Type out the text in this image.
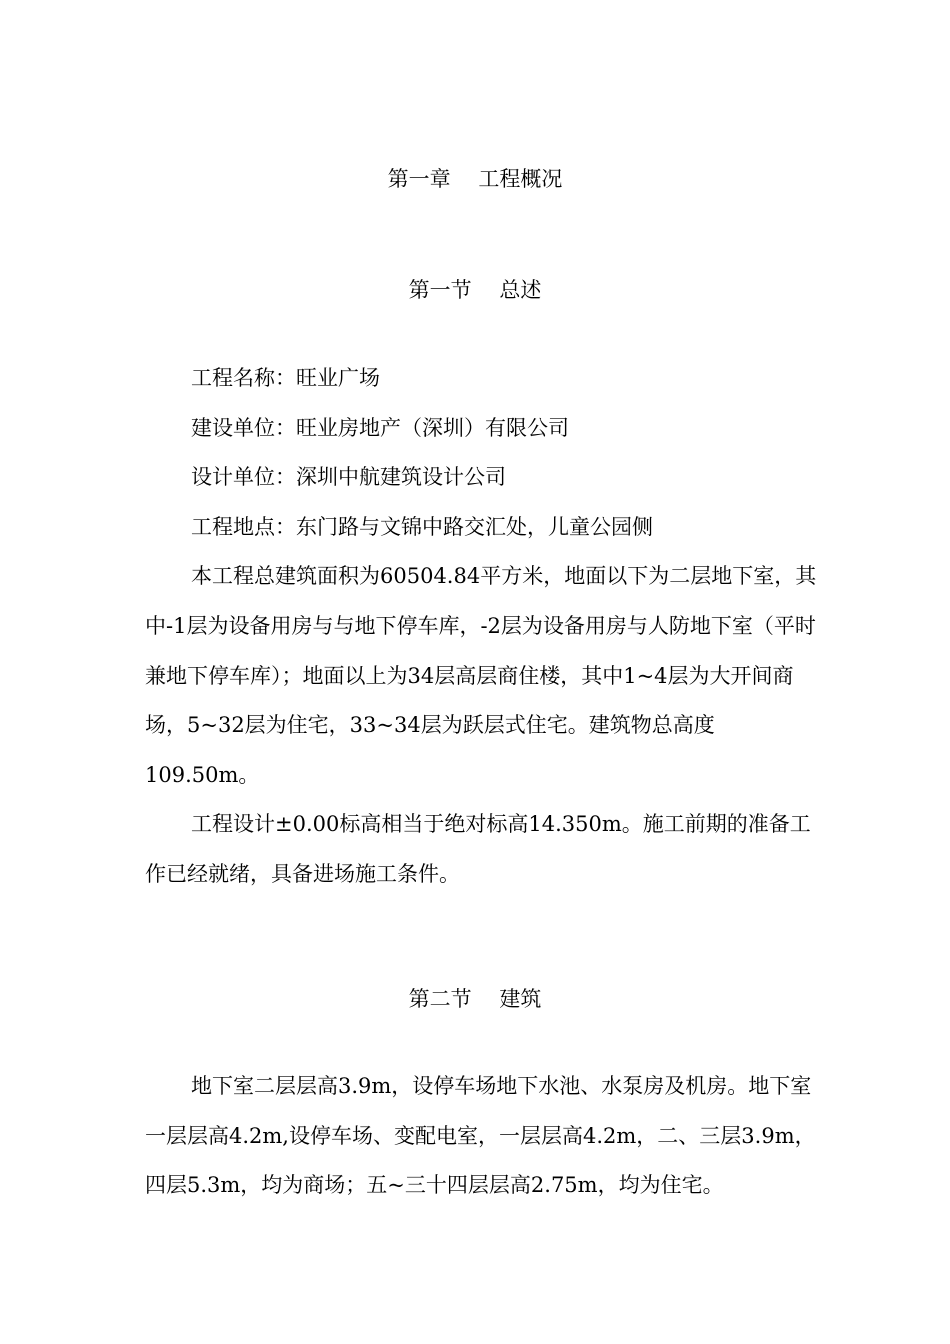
第一章　 工程概况
第一节　 总述

工程名称：旺业广场

建设单位：旺业房地产（深圳）有限公司

设计单位：深圳中航建筑设计公司

工程地点：东门路与文锦中路交汇处，儿童公园侧

本工程总建筑面积为60504.84平方米，地面以下为二层地下室，其中-1层为设备用房与与地下停车库，-2层为设备用房与人防地下室（平时兼地下停车库）；地面以上为34层高层商住楼，其中1~4层为大开间商场，5~32层为住宅，33~34层为跃层式住宅。建筑物总高度109.50m。

工程设计±0.00标高相当于绝对标高14.350m。施工前期的准备工作已经就绪，具备进场施工条件。

第二节　 建筑

地下室二层层高3.9m，设停车场地下水池、水泵房及机房。地下室一层层高4.2m,设停车场、变配电室，一层层高4.2m，二、三层3.9m，四层5.3m，均为商场；五~三十四层层高2.75m，均为住宅。
